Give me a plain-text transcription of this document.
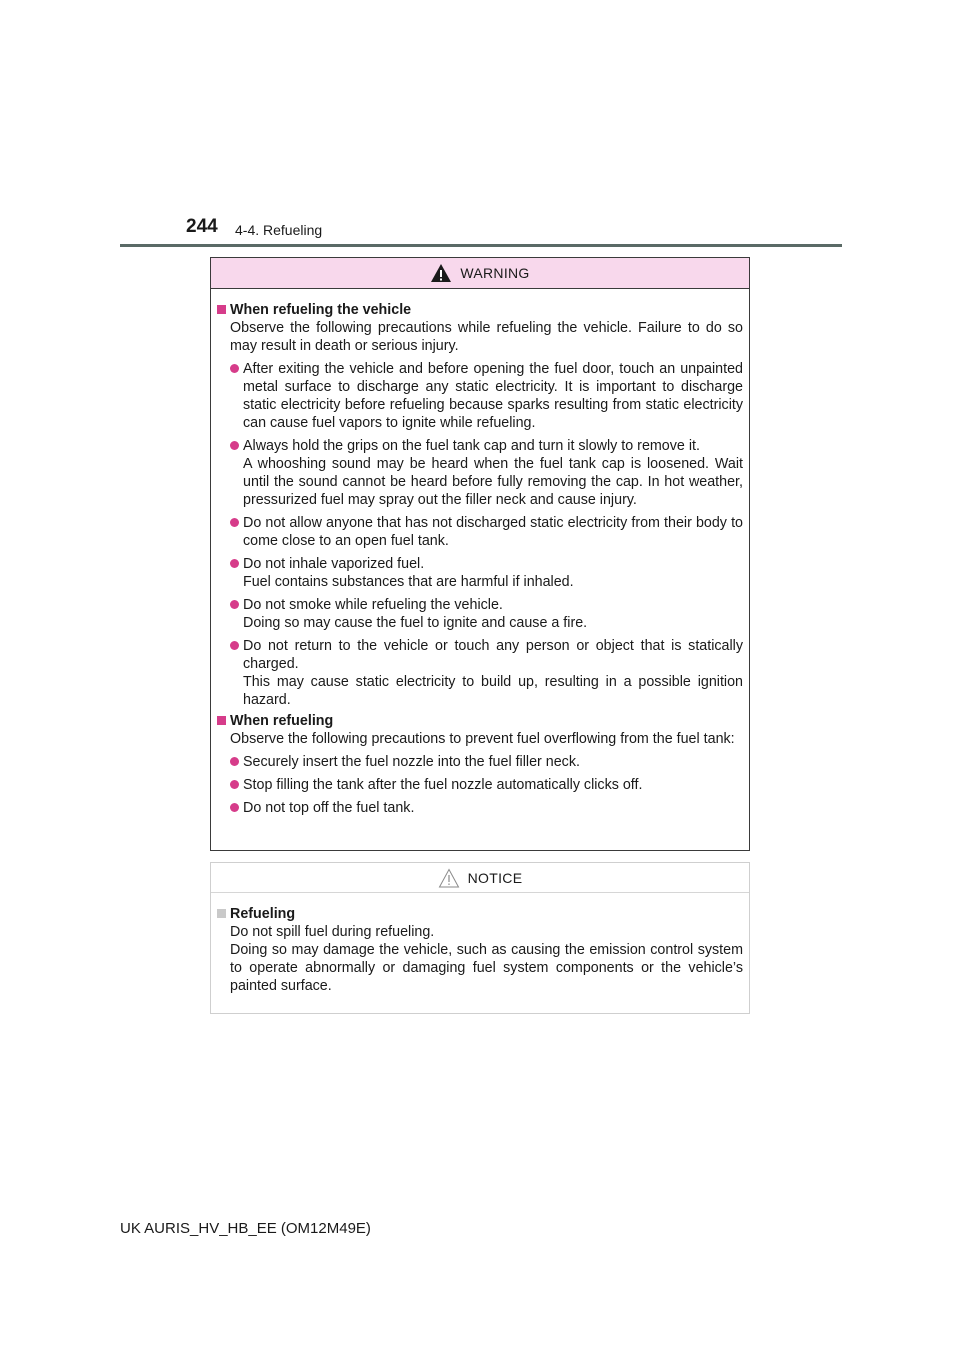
244 4-4. Refueling
WARNING
When refueling the vehicle
Observe the following precautions while refueling the vehicle. Failure to do so may result in death or serious injury.
After exiting the vehicle and before opening the fuel door, touch an unpainted metal surface to discharge any static electricity. It is important to discharge static electricity before refueling because sparks resulting from static electricity can cause fuel vapors to ignite while refueling.
Always hold the grips on the fuel tank cap and turn it slowly to remove it.
A whooshing sound may be heard when the fuel tank cap is loosened. Wait until the sound cannot be heard before fully removing the cap. In hot weather, pressurized fuel may spray out the filler neck and cause injury.
Do not allow anyone that has not discharged static electricity from their body to come close to an open fuel tank.
Do not inhale vaporized fuel.
Fuel contains substances that are harmful if inhaled.
Do not smoke while refueling the vehicle.
Doing so may cause the fuel to ignite and cause a fire.
Do not return to the vehicle or touch any person or object that is statically charged.
This may cause static electricity to build up, resulting in a possible ignition hazard.
When refueling
Observe the following precautions to prevent fuel overflowing from the fuel tank:
Securely insert the fuel nozzle into the fuel filler neck.
Stop filling the tank after the fuel nozzle automatically clicks off.
Do not top off the fuel tank.
NOTICE
Refueling
Do not spill fuel during refueling.
Doing so may damage the vehicle, such as causing the emission control system to operate abnormally or damaging fuel system components or the vehicle’s painted surface.
UK AURIS_HV_HB_EE (OM12M49E)
